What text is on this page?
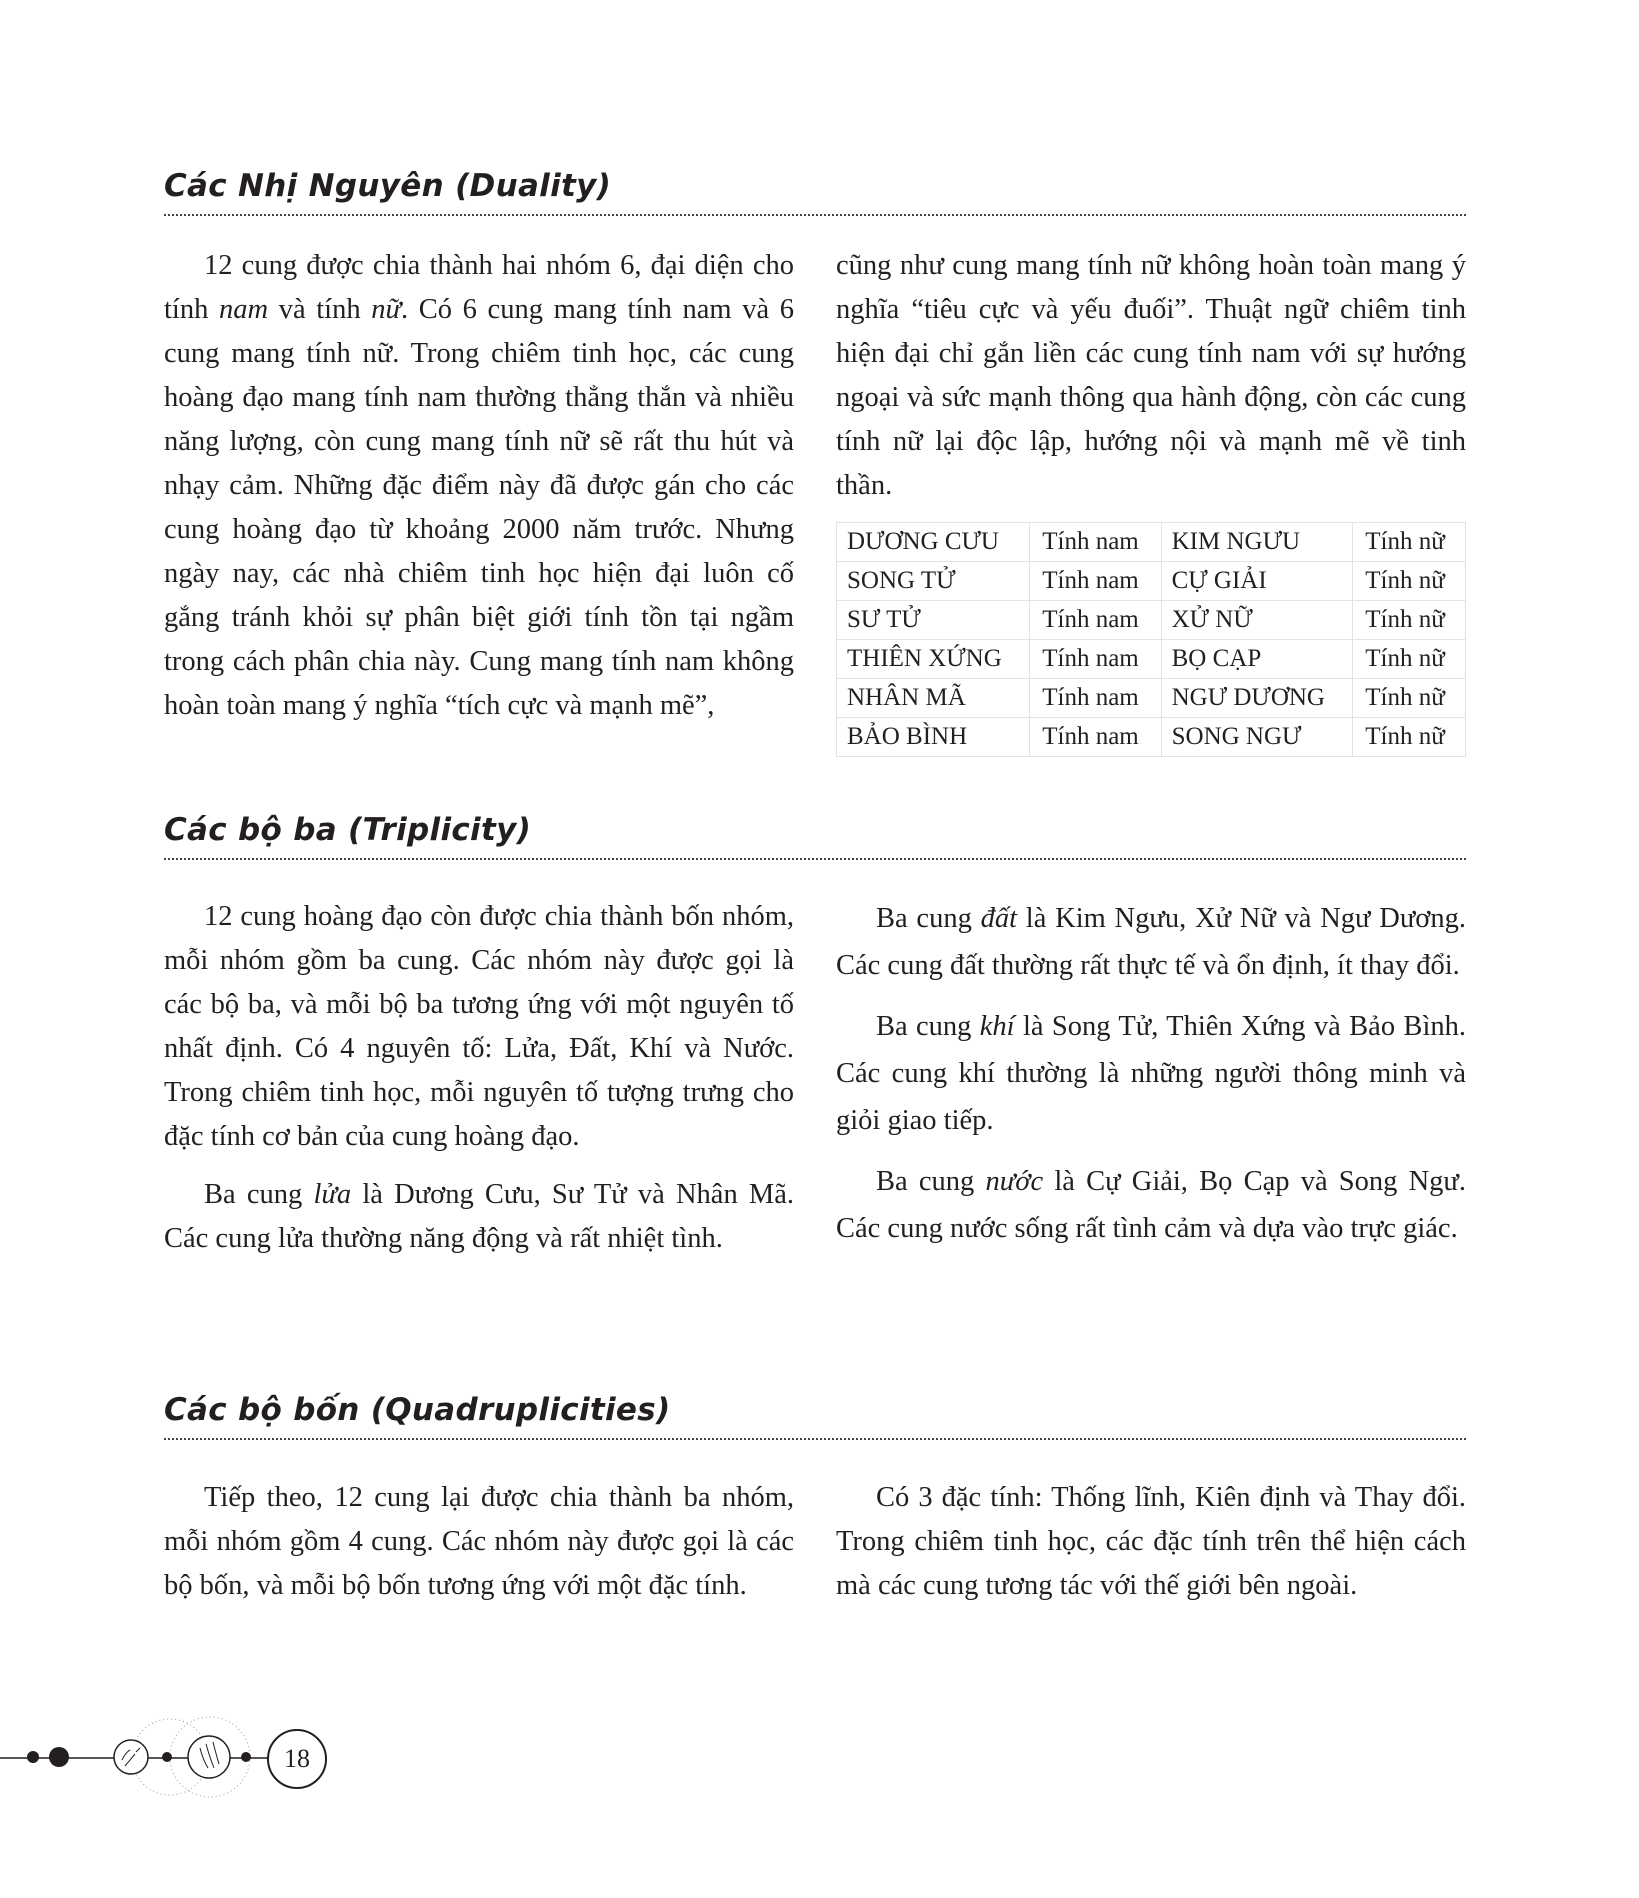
Các Nhị Nguyên (Duality)

12 cung được chia thành hai nhóm 6, đại diện cho tính nam và tính nữ. Có 6 cung mang tính nam và 6 cung mang tính nữ. Trong chiêm tinh học, các cung hoàng đạo mang tính nam thường thẳng thắn và nhiều năng lượng, còn cung mang tính nữ sẽ rất thu hút và nhạy cảm. Những đặc điểm này đã được gán cho các cung hoàng đạo từ khoảng 2000 năm trước. Nhưng ngày nay, các nhà chiêm tinh học hiện đại luôn cố gắng tránh khỏi sự phân biệt giới tính tồn tại ngầm trong cách phân chia này. Cung mang tính nam không hoàn toàn mang ý nghĩa “tích cực và mạnh mẽ”,

cũng như cung mang tính nữ không hoàn toàn mang ý nghĩa “tiêu cực và yếu đuối”. Thuật ngữ chiêm tinh hiện đại chỉ gắn liền các cung tính nam với sự hướng ngoại và sức mạnh thông qua hành động, còn các cung tính nữ lại độc lập, hướng nội và mạnh mẽ về tinh thần.

DƯƠNG CƯU	Tính nam	KIM NGƯU	Tính nữ
SONG TỬ	Tính nam	CỰ GIẢI	Tính nữ
SƯ TỬ	Tính nam	XỬ NỮ	Tính nữ
THIÊN XỨNG	Tính nam	BỌ CẠP	Tính nữ
NHÂN MÃ	Tính nam	NGƯ DƯƠNG	Tính nữ
BẢO BÌNH	Tính nam	SONG NGƯ	Tính nữ
Các bộ ba (Triplicity)

12 cung hoàng đạo còn được chia thành bốn nhóm, mỗi nhóm gồm ba cung. Các nhóm này được gọi là các bộ ba, và mỗi bộ ba tương ứng với một nguyên tố nhất định. Có 4 nguyên tố: Lửa, Đất, Khí và Nước. Trong chiêm tinh học, mỗi nguyên tố tượng trưng cho đặc tính cơ bản của cung hoàng đạo.

Ba cung lửa là Dương Cưu, Sư Tử và Nhân Mã. Các cung lửa thường năng động và rất nhiệt tình.

Ba cung đất là Kim Ngưu, Xử Nữ và Ngư Dương. Các cung đất thường rất thực tế và ổn định, ít thay đổi.

Ba cung khí là Song Tử, Thiên Xứng và Bảo Bình. Các cung khí thường là những người thông minh và giỏi giao tiếp.

Ba cung nước là Cự Giải, Bọ Cạp và Song Ngư. Các cung nước sống rất tình cảm và dựa vào trực giác.

Các bộ bốn (Quadruplicities)

Tiếp theo, 12 cung lại được chia thành ba nhóm, mỗi nhóm gồm 4 cung. Các nhóm này được gọi là các bộ bốn, và mỗi bộ bốn tương ứng với một đặc tính.

Có 3 đặc tính: Thống lĩnh, Kiên định và Thay đổi. Trong chiêm tinh học, các đặc tính trên thể hiện cách mà các cung tương tác với thế giới bên ngoài.

18
